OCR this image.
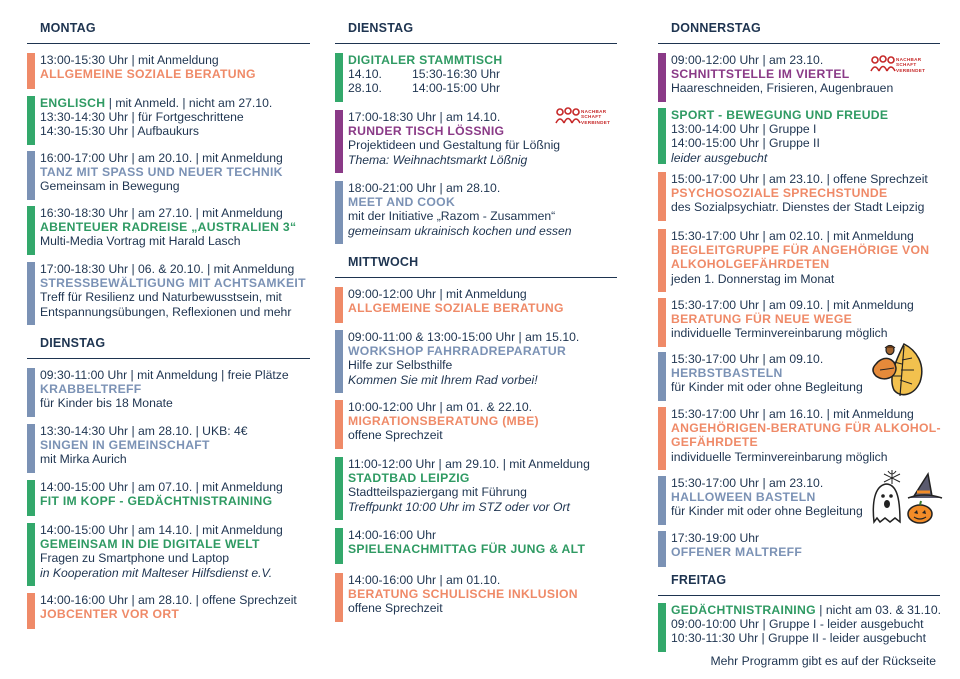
MONTAG
13:00-15:30 Uhr | mit Anmeldung
ALLGEMEINE SOZIALE BERATUNG
ENGLISCH | mit Anmeld. | nicht am 27.10.
13:30-14:30 Uhr | für Fortgeschrittene
14:30-15:30 Uhr | Aufbaukurs
16:00-17:00 Uhr | am 20.10. | mit Anmeldung
TANZ MIT SPASS UND NEUER TECHNIK
Gemeinsam in Bewegung
16:30-18:30 Uhr | am 27.10. | mit Anmeldung
ABENTEUER RADREISE „AUSTRALIEN 3“
Multi-Media Vortrag mit Harald Lasch
17:00-18:30 Uhr | 06. & 20.10. | mit Anmeldung
STRESSBEWÄLTIGUNG MIT ACHTSAMKEIT
Treff für Resilienz und Naturbewusstsein, mit
Entspannungsübungen, Reflexionen und mehr
DIENSTAG
09:30-11:00 Uhr | mit Anmeldung | freie Plätze
KRABBELTREFF
für Kinder bis 18 Monate
13:30-14:30 Uhr | am 28.10. | UKB: 4€
SINGEN IN GEMEINSCHAFT
mit Mirka Aurich
14:00-15:00 Uhr | am 07.10. | mit Anmeldung
FIT IM KOPF - GEDÄCHTNISTRAINING
14:00-15:00 Uhr | am 14.10. | mit Anmeldung
GEMEINSAM IN DIE DIGITALE WELT
Fragen zu Smartphone und Laptop
in Kooperation mit Malteser Hilfsdienst e.V.
14:00-16:00 Uhr | am 28.10. | offene Sprechzeit
JOBCENTER VOR ORT
DIENSTAG
DIGITALER STAMMTISCH
14.10.	15:30-16:30 Uhr
28.10.	14:00-15:00 Uhr
17:00-18:30 Uhr | am 14.10.
RUNDER TISCH LÖSSNIG
Projektideen und Gestaltung für Lößnig
Thema: Weihnachtsmarkt Lößnig
NACHBAR SCHAFT VERBINDET
18:00-21:00 Uhr | am 28.10.
MEET AND COOK
mit der Initiative „Razom - Zusammen“
gemeinsam ukrainisch kochen und essen
MITTWOCH
09:00-12:00 Uhr | mit Anmeldung
ALLGEMEINE SOZIALE BERATUNG
09:00-11:00 & 13:00-15:00 Uhr | am 15.10.
WORKSHOP FAHRRADREPARATUR
Hilfe zur Selbsthilfe
Kommen Sie mit Ihrem Rad vorbei!
10:00-12:00 Uhr | am 01. & 22.10.
MIGRATIONSBERATUNG (MBE)
offene Sprechzeit
11:00-12:00 Uhr | am 29.10. | mit Anmeldung
STADTBAD LEIPZIG
Stadtteilspaziergang mit Führung
Treffpunkt 10:00 Uhr im STZ oder vor Ort
14:00-16:00 Uhr
SPIELENACHMITTAG FÜR JUNG & ALT
14:00-16:00 Uhr | am 01.10.
BERATUNG SCHULISCHE INKLUSION
offene Sprechzeit
DONNERSTAG
09:00-12:00 Uhr | am 23.10.
SCHNITTSTELLE IM VIERTEL
Haareschneiden, Frisieren, Augenbrauen
NACHBAR SCHAFT VERBINDET
SPORT - BEWEGUNG UND FREUDE
13:00-14:00 Uhr | Gruppe I
14:00-15:00 Uhr | Gruppe II
leider ausgebucht
15:00-17:00 Uhr | am 23.10. | offene Sprechzeit
PSYCHOSOZIALE SPRECHSTUNDE
des Sozialpsychiatr. Dienstes der Stadt Leipzig
15:30-17:00 Uhr | am 02.10. | mit Anmeldung
BEGLEITGRUPPE FÜR ANGEHÖRIGE VON
ALKOHOLGEFÄHRDETEN
jeden 1. Donnerstag im Monat
15:30-17:00 Uhr | am 09.10. | mit Anmeldung
BERATUNG FÜR NEUE WEGE
individuelle Terminvereinbarung möglich
15:30-17:00 Uhr | am 09.10.
HERBSTBASTELN
für Kinder mit oder ohne Begleitung
15:30-17:00 Uhr | am 16.10. | mit Anmeldung
ANGEHÖRIGEN-BERATUNG FÜR ALKOHOL-
GEFÄHRDETE
individuelle Terminvereinbarung möglich
15:30-17:00 Uhr | am 23.10.
HALLOWEEN BASTELN
für Kinder mit oder ohne Begleitung
17:30-19:00 Uhr
OFFENER MALTREFF
FREITAG
GEDÄCHTNISTRAINING | nicht am 03. & 31.10.
09:00-10:00 Uhr | Gruppe I - leider ausgebucht
10:30-11:30 Uhr | Gruppe II - leider ausgebucht
Mehr Programm gibt es auf der Rückseite
